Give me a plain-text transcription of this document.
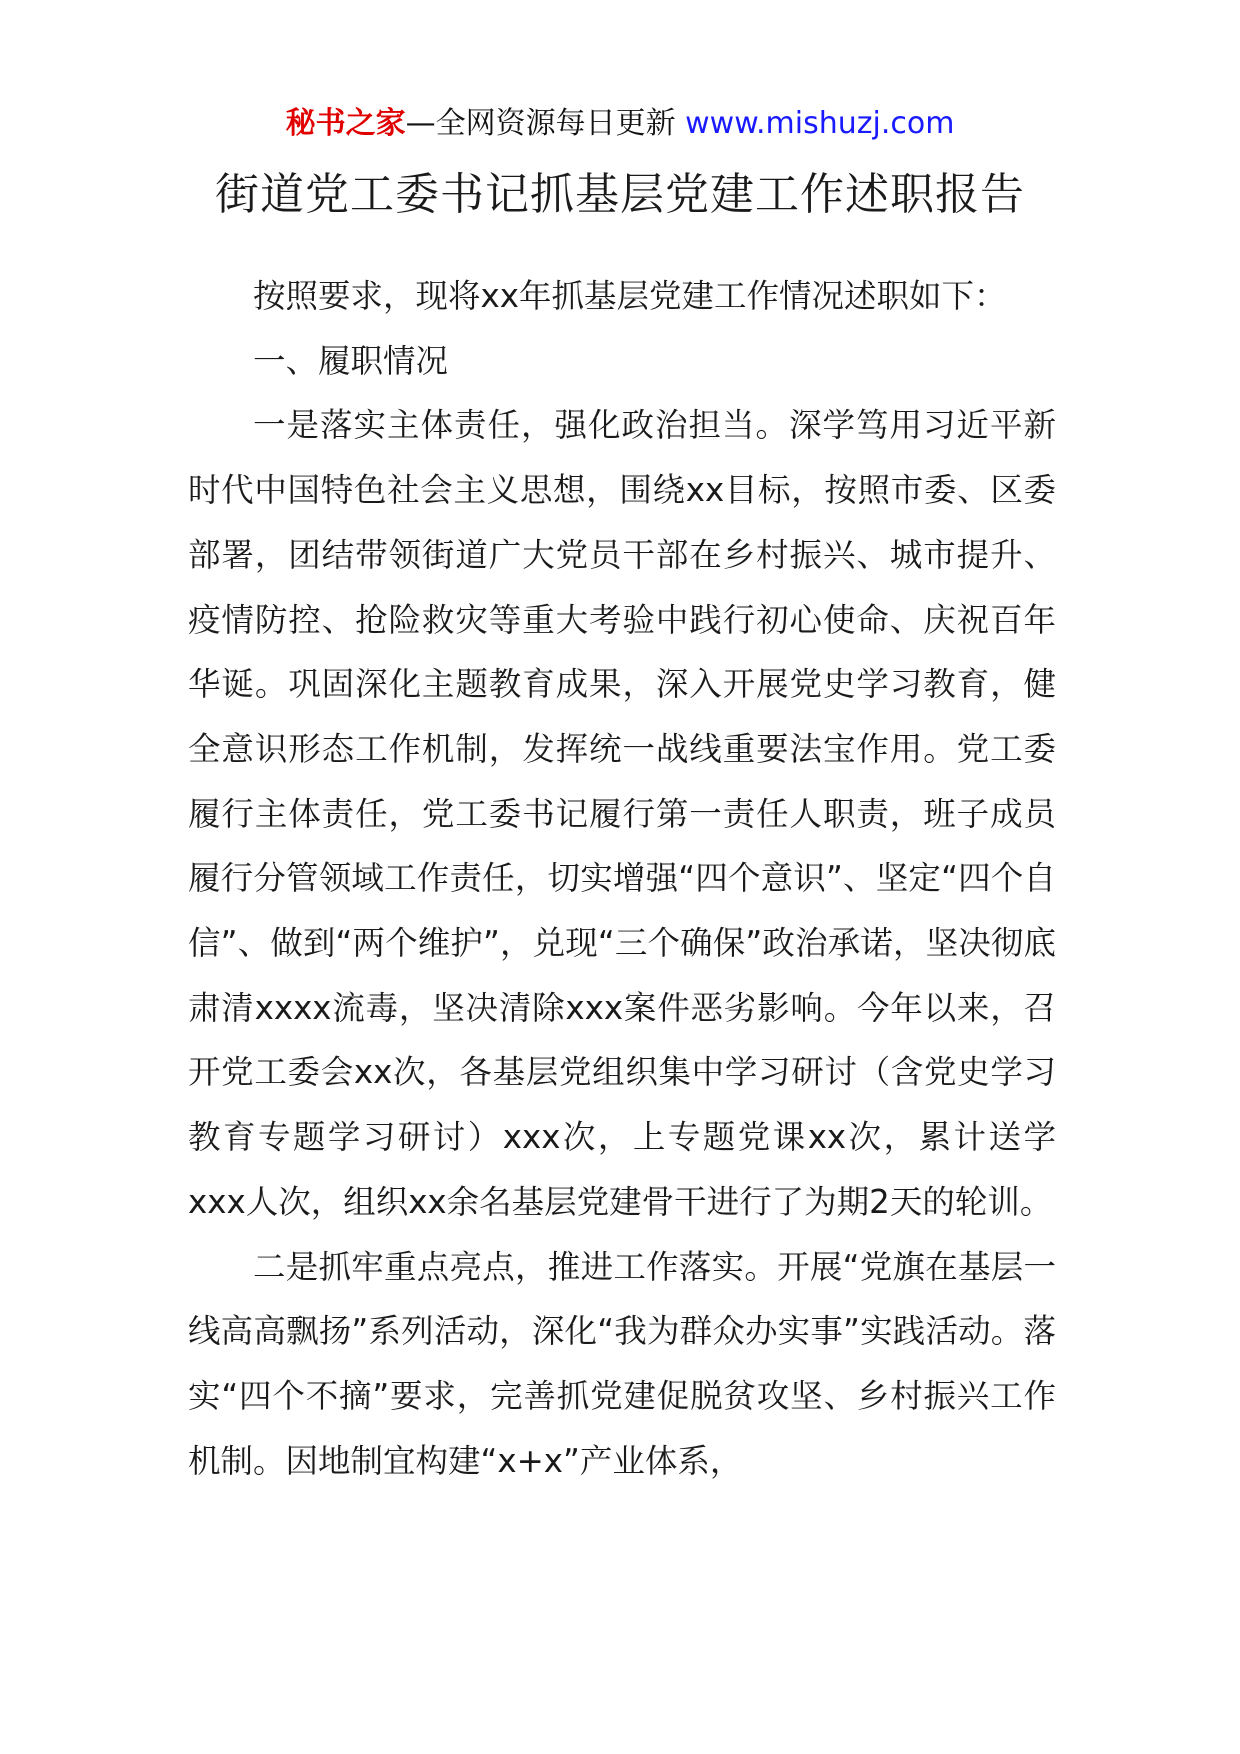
秘书之家—全网资源每日更新 www.mishuzj.com
街道党工委书记抓基层党建工作述职报告

按照要求，现将xx年抓基层党建工作情况述职如下：

一、履职情况

一是落实主体责任，强化政治担当。深学笃用习近平新时代中国特色社会主义思想，围绕xx目标，按照市委、区委部署，团结带领街道广大党员干部在乡村振兴、城市提升、疫情防控、抢险救灾等重大考验中践行初心使命、庆祝百年华诞。巩固深化主题教育成果，深入开展党史学习教育，健全意识形态工作机制，发挥统一战线重要法宝作用。党工委履行主体责任，党工委书记履行第一责任人职责，班子成员履行分管领域工作责任，切实增强“四个意识”、坚定“四个自信”、做到“两个维护”，兑现“三个确保”政治承诺，坚决彻底肃清xxxx流毒，坚决清除xxx案件恶劣影响。今年以来，召开党工委会xx次，各基层党组织集中学习研讨（含党史学习教育专题学习研讨）xxx次，上专题党课xx次，累计送学xxx人次，组织xx余名基层党建骨干进行了为期2天的轮训。

二是抓牢重点亮点，推进工作落实。开展“党旗在基层一线高高飘扬”系列活动，深化“我为群众办实事”实践活动。落实“四个不摘”要求，完善抓党建促脱贫攻坚、乡村振兴工作机制。因地制宜构建“x+x”产业体系，
